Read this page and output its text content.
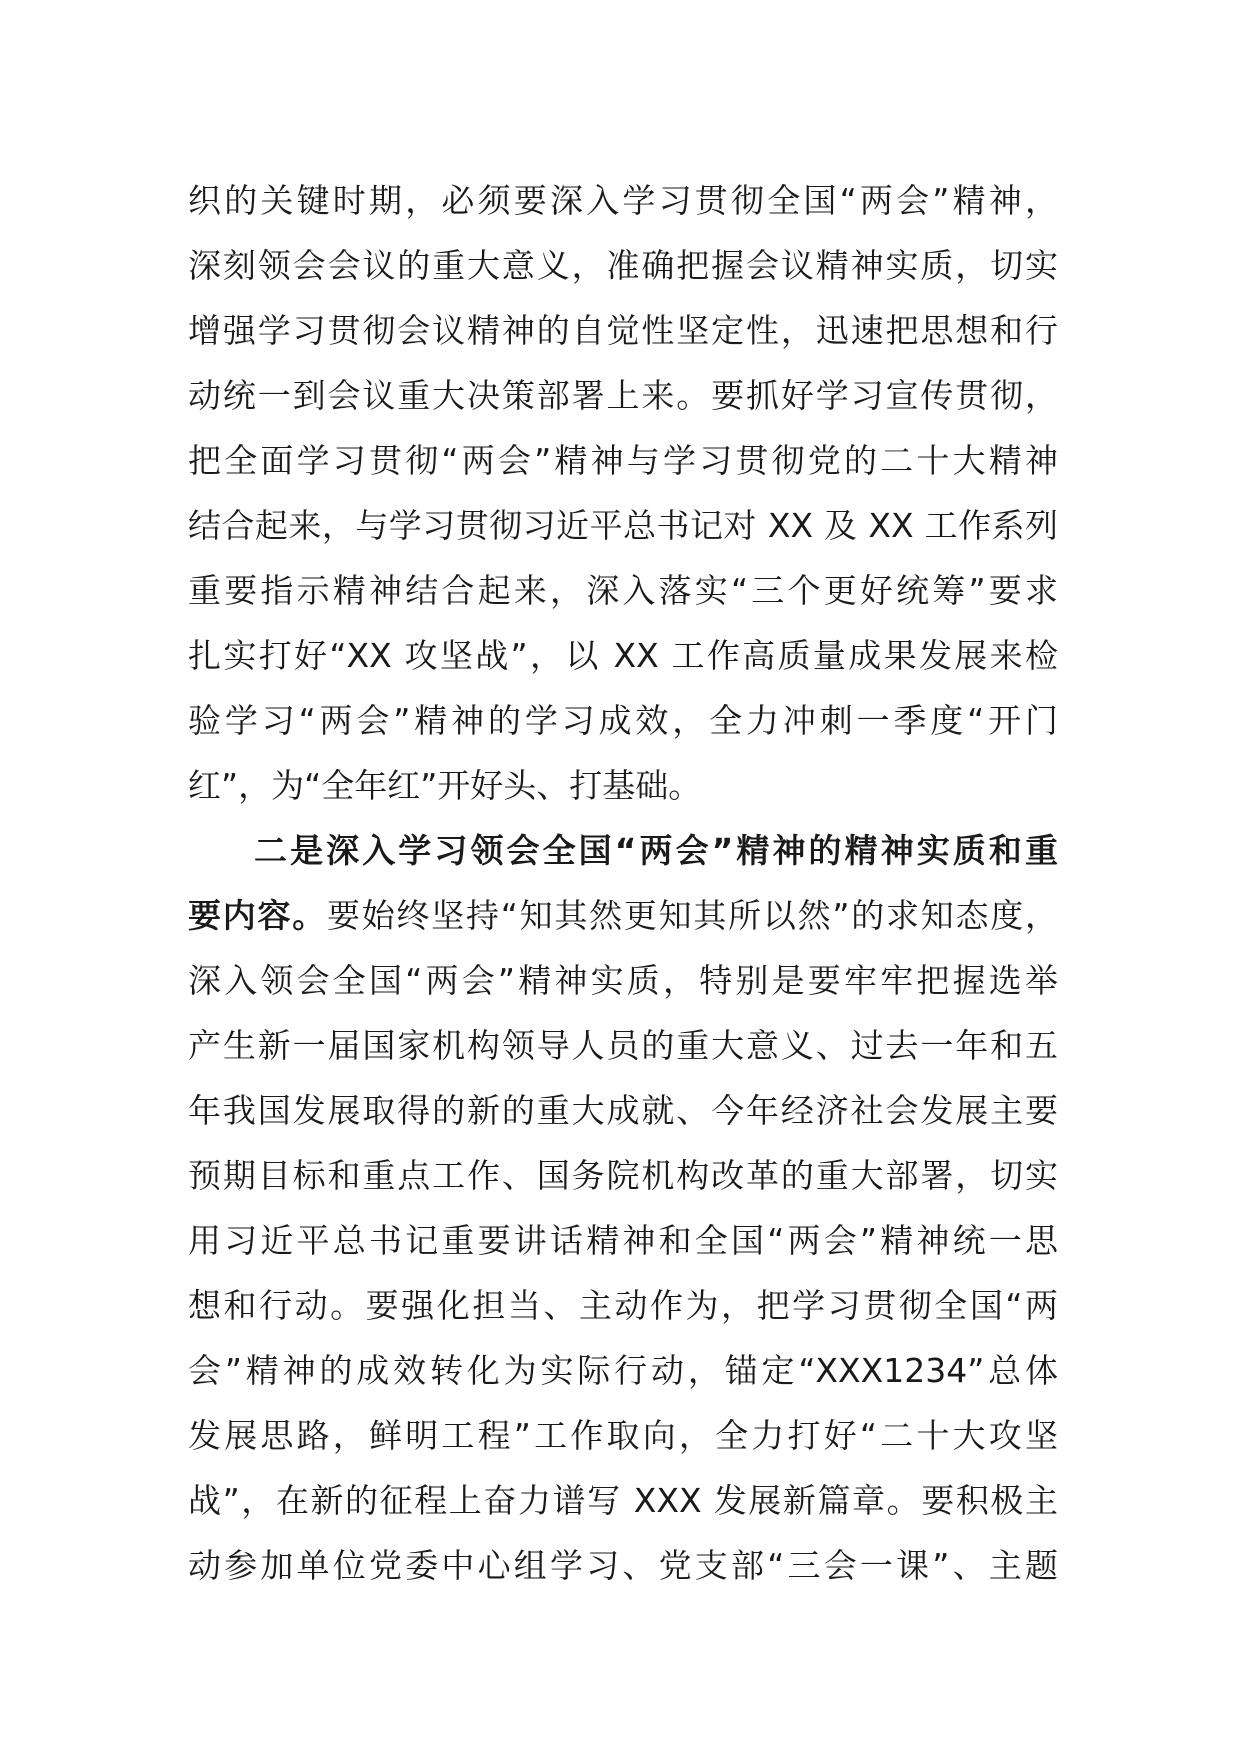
织的关键时期，必须要深入学习贯彻全国“两会”精神，
深刻领会会议的重大意义，准确把握会议精神实质，切实
增强学习贯彻会议精神的自觉性坚定性，迅速把思想和行
动统一到会议重大决策部署上来。要抓好学习宣传贯彻，
把全面学习贯彻“两会”精神与学习贯彻党的二十大精神
结合起来，与学习贯彻习近平总书记对 XX 及 XX 工作系列
重要指示精神结合起来，深入落实“三个更好统筹”要求
扎实打好“XX 攻坚战”，以 XX 工作高质量成果发展来检
验学习“两会”精神的学习成效，全力冲刺一季度“开门
红”，为“全年红”开好头、打基础。
二是深入学习领会全国“两会”精神的精神实质和重
要内容。要始终坚持“知其然更知其所以然”的求知态度，
深入领会全国“两会”精神实质，特别是要牢牢把握选举
产生新一届国家机构领导人员的重大意义、过去一年和五
年我国发展取得的新的重大成就、今年经济社会发展主要
预期目标和重点工作、国务院机构改革的重大部署，切实
用习近平总书记重要讲话精神和全国“两会”精神统一思
想和行动。要强化担当、主动作为，把学习贯彻全国“两
会”精神的成效转化为实际行动，锚定“XXX1234”总体
发展思路，鲜明工程”工作取向，全力打好“二十大攻坚
战”，在新的征程上奋力谱写 XXX 发展新篇章。要积极主
动参加单位党委中心组学习、党支部“三会一课”、主题
